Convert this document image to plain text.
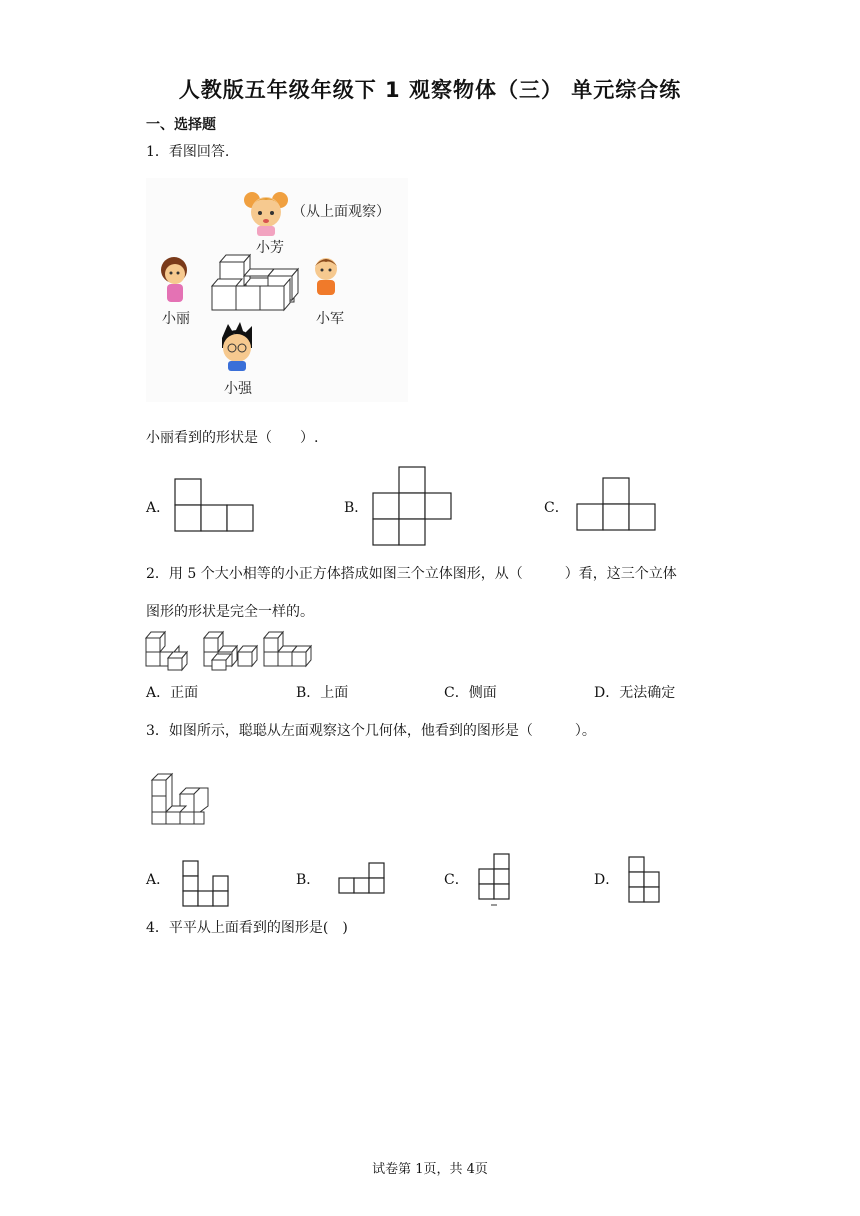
人教版五年级年级下 1 观察物体（三） 单元综合练
一、选择题
1．看图回答.
（从上面观察）
小芳
小丽	小军
小强
小丽看到的形状是（　　）.
A．	B．	C．
2．用 5 个大小相等的小正方体搭成如图三个立体图形，从（　　　）看，这三个立体
图形的形状是完全一样的。
A．正面	B．上面	C．侧面	D．无法确定
3．如图所示，聪聪从左面观察这个几何体，他看到的图形是（　　　）。
A．	B．	C．	D．
4．平平从上面看到的图形是(　)
试卷第 1页，共 4页
